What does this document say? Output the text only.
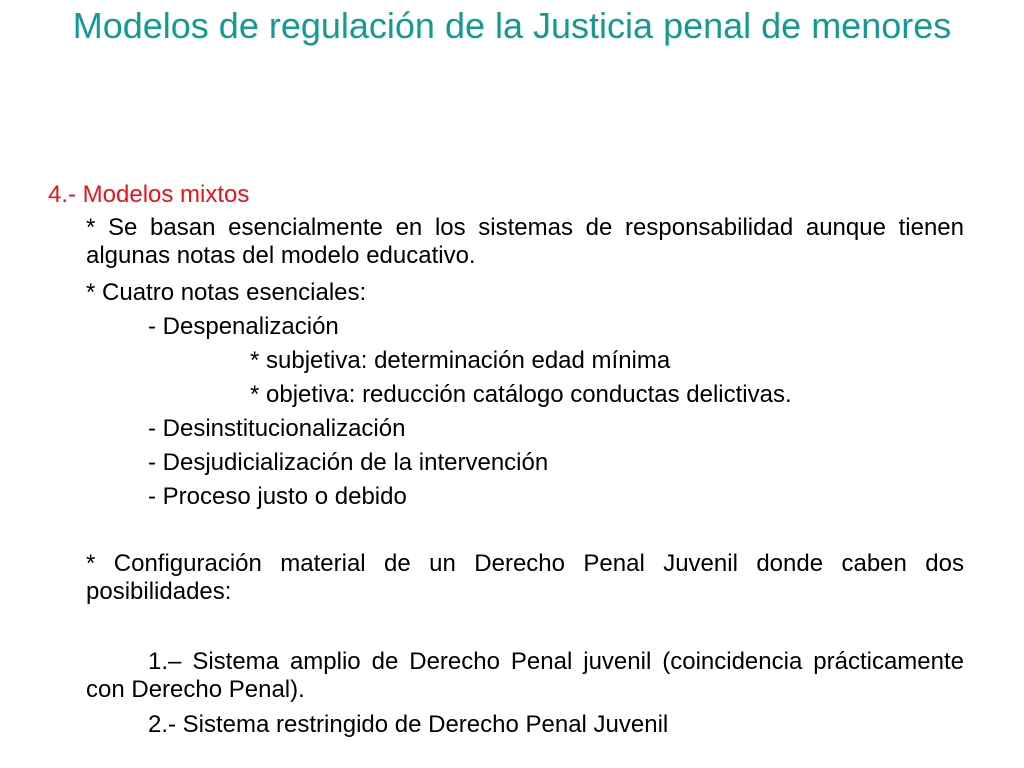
Modelos de regulación de la Justicia penal de menores
4.- Modelos mixtos
* Se basan esencialmente en los sistemas de responsabilidad aunque tienen algunas notas del modelo educativo.
* Cuatro notas esenciales:
- Despenalización
* subjetiva: determinación edad mínima
* objetiva: reducción catálogo conductas delictivas.
- Desinstitucionalización
- Desjudicialización de la intervención
- Proceso justo o debido
* Configuración material de un Derecho Penal Juvenil donde caben dos posibilidades:
1.– Sistema amplio de Derecho Penal juvenil (coincidencia prácticamente con Derecho Penal).
2.- Sistema restringido de Derecho Penal Juvenil
